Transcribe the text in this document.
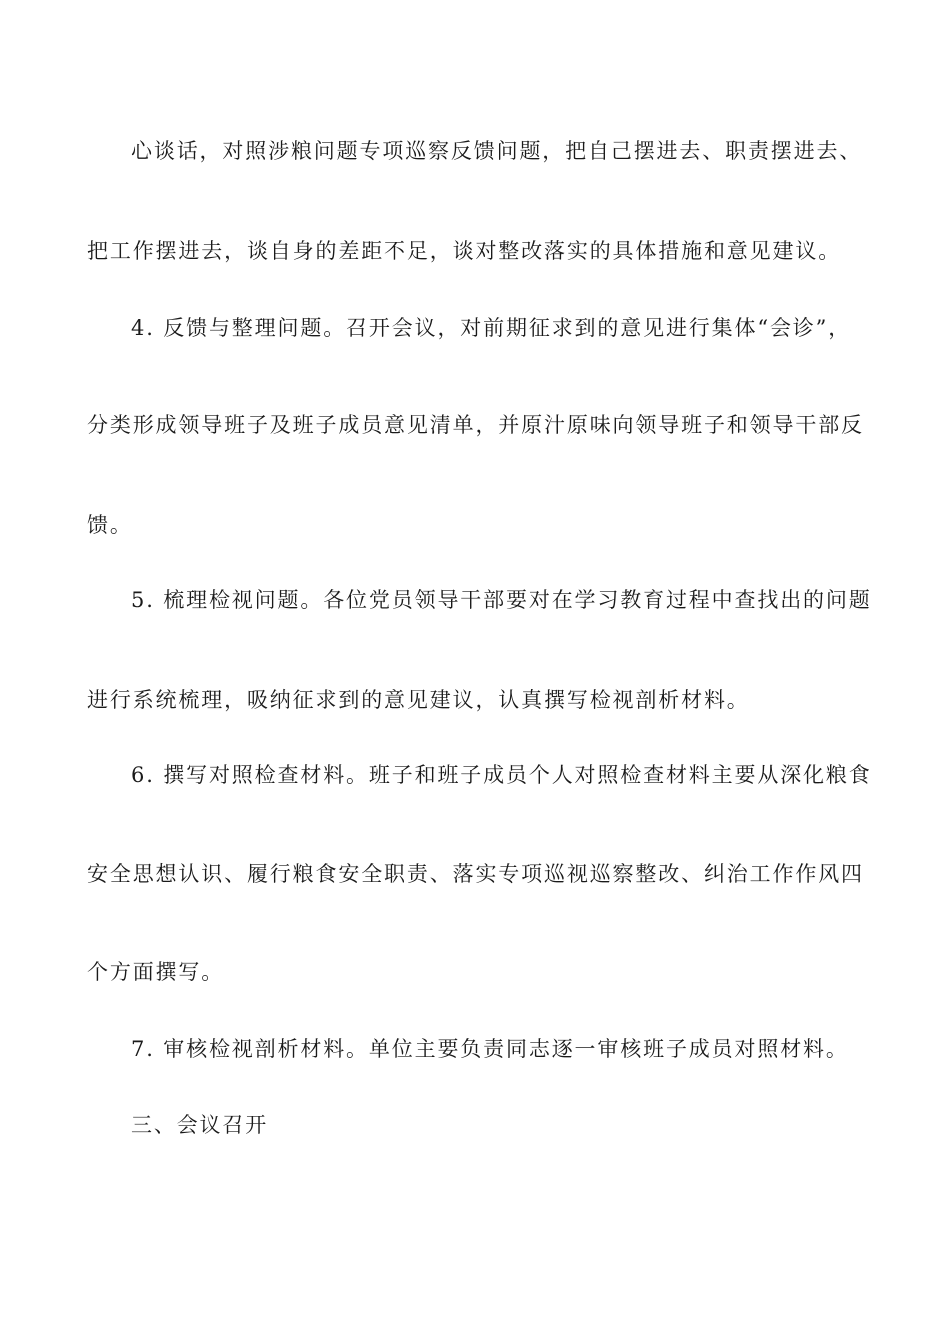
心谈话，对照涉粮问题专项巡察反馈问题，把自己摆进去、职责摆进去、
把工作摆进去，谈自身的差距不足，谈对整改落实的具体措施和意见建议。
4. 反馈与整理问题。召开会议，对前期征求到的意见进行集体“会诊”，
分类形成领导班子及班子成员意见清单，并原汁原味向领导班子和领导干部反
馈。
5. 梳理检视问题。各位党员领导干部要对在学习教育过程中查找出的问题
进行系统梳理，吸纳征求到的意见建议，认真撰写检视剖析材料。
6. 撰写对照检查材料。班子和班子成员个人对照检查材料主要从深化粮食
安全思想认识、履行粮食安全职责、落实专项巡视巡察整改、纠治工作作风四
个方面撰写。
7. 审核检视剖析材料。单位主要负责同志逐一审核班子成员对照材料。
三、会议召开
